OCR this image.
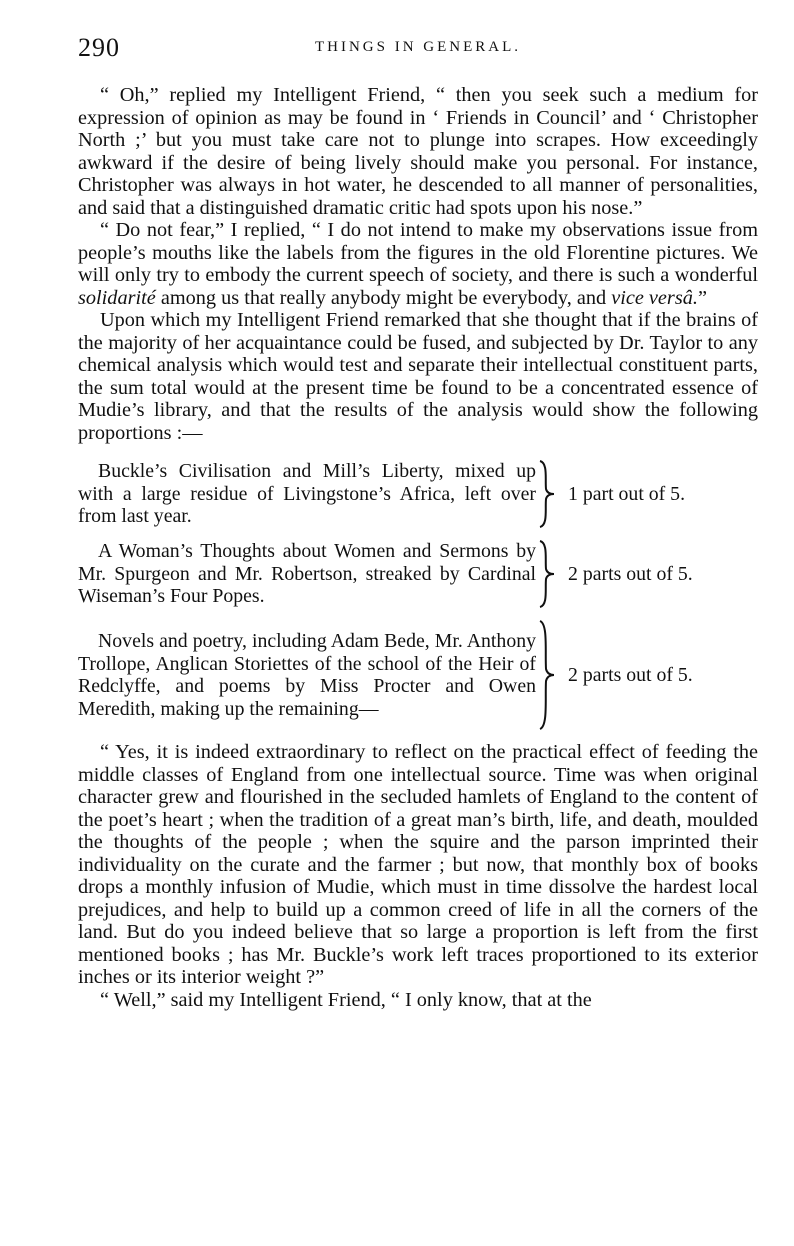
290	THINGS IN GENERAL.

“ Oh,” replied my Intelligent Friend, “ then you seek such a medium for expression of opinion as may be found in ‘ Friends in Council’ and ‘ Christopher North ;’ but you must take care not to plunge into scrapes. How exceedingly awkward if the desire of being lively should make you personal. For instance, Christopher was always in hot water, he descended to all manner of personalities, and said that a distinguished dramatic critic had spots upon his nose.”

“ Do not fear,” I replied, “ I do not intend to make my observations issue from people’s mouths like the labels from the figures in the old Florentine pictures. We will only try to embody the current speech of society, and there is such a wonderful solidarité among us that really anybody might be everybody, and vice versâ.”

Upon which my Intelligent Friend remarked that she thought that if the brains of the majority of her acquaintance could be fused, and subjected by Dr. Taylor to any chemical analysis which would test and separate their intellectual constituent parts, the sum total would at the present time be found to be a concentrated essence of Mudie’s library, and that the results of the analysis would show the following proportions :—

Buckle’s Civilisation and Mill’s Liberty, mixed up with a large residue of Livingstone’s Africa, left over from last year.
1 part out of 5.
A Woman’s Thoughts about Women and Sermons by Mr. Spurgeon and Mr. Robertson, streaked by Cardinal Wiseman’s Four Popes.
2 parts out of 5.
Novels and poetry, including Adam Bede, Mr. Anthony Trollope, Anglican Storiettes of the school of the Heir of Redclyffe, and poems by Miss Procter and Owen Meredith, making up the remaining—
2 parts out of 5.

“ Yes, it is indeed extraordinary to reflect on the practical effect of feeding the middle classes of England from one intellectual source. Time was when original character grew and flourished in the secluded hamlets of England to the content of the poet’s heart ; when the tradition of a great man’s birth, life, and death, moulded the thoughts of the people ; when the squire and the parson imprinted their individuality on the curate and the farmer ; but now, that monthly box of books drops a monthly infusion of Mudie, which must in time dissolve the hardest local prejudices, and help to build up a common creed of life in all the corners of the land. But do you indeed believe that so large a proportion is left from the first mentioned books ; has Mr. Buckle’s work left traces proportioned to its exterior inches or its interior weight ?”

“ Well,” said my Intelligent Friend, “ I only know, that at the
